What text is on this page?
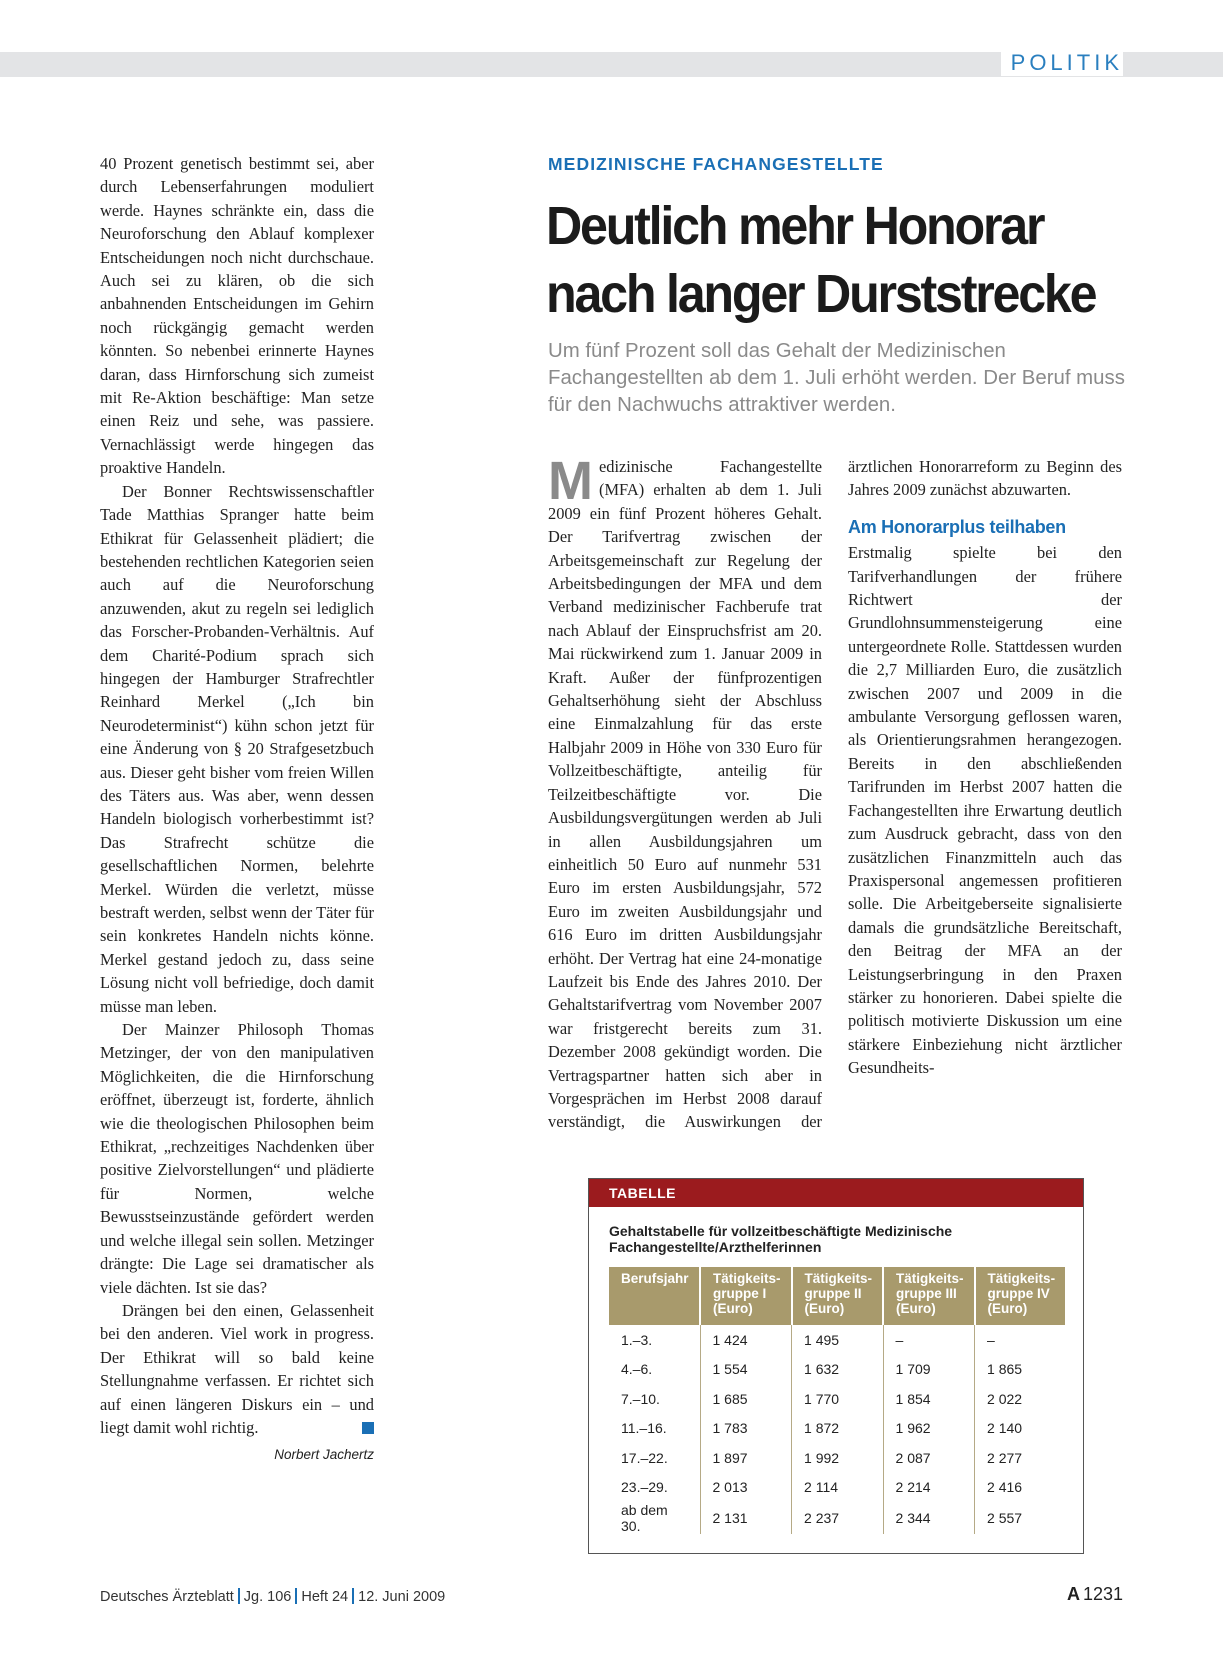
POLITIK

40 Prozent genetisch bestimmt sei, aber durch Lebenserfahrungen moduliert werde. Haynes schränkte ein, dass die Neuroforschung den Ablauf komplexer Entscheidungen noch nicht durchschaue. Auch sei zu klären, ob die sich anbahnenden Entscheidungen im Gehirn noch rückgängig gemacht werden könnten. So nebenbei erinnerte Haynes daran, dass Hirnforschung sich zumeist mit Re-Aktion beschäftige: Man setze einen Reiz und sehe, was passiere. Vernachlässigt werde hingegen das proaktive Handeln.

Der Bonner Rechtswissenschaftler Tade Matthias Spranger hatte beim Ethikrat für Gelassenheit plädiert; die bestehenden rechtlichen Kategorien seien auch auf die Neuroforschung anzuwenden, akut zu regeln sei lediglich das Forscher-Probanden-Verhältnis. Auf dem Charité-Podium sprach sich hingegen der Hamburger Strafrechtler Reinhard Merkel („Ich bin Neurodeterminist“) kühn schon jetzt für eine Änderung von § 20 Strafgesetzbuch aus. Dieser geht bisher vom freien Willen des Täters aus. Was aber, wenn dessen Handeln biologisch vorherbestimmt ist? Das Strafrecht schütze die gesellschaftlichen Normen, belehrte Merkel. Würden die verletzt, müsse bestraft werden, selbst wenn der Täter für sein konkretes Handeln nichts könne. Merkel gestand jedoch zu, dass seine Lösung nicht voll befriedige, doch damit müsse man leben.

Der Mainzer Philosoph Thomas Metzinger, der von den manipulativen Möglichkeiten, die die Hirnforschung eröffnet, überzeugt ist, forderte, ähnlich wie die theologischen Philosophen beim Ethikrat, „rechzeitiges Nachdenken über positive Zielvorstellungen“ und plädierte für Normen, welche Bewusstseinzustände gefördert werden und welche illegal sein sollen. Metzinger drängte: Die Lage sei dramatischer als viele dächten. Ist sie das?

Drängen bei den einen, Gelassenheit bei den anderen. Viel work in progress. Der Ethikrat will so bald keine Stellungnahme verfassen. Er richtet sich auf einen längeren Diskurs ein – und liegt damit wohl richtig.

Norbert Jachertz
MEDIZINISCHE FACHANGESTELLTE
Deutlich mehr Honorar
nach langer Durststrecke
Um fünf Prozent soll das Gehalt der Medizinischen Fachangestellten ab dem 1. Juli erhöht werden. Der Beruf muss für den Nachwuchs attraktiver werden.

Medizinische Fachangestellte (MFA) erhalten ab dem 1. Juli 2009 ein fünf Prozent höheres Gehalt. Der Tarifvertrag zwischen der Arbeitsgemeinschaft zur Regelung der Arbeitsbedingungen der MFA und dem Verband medizinischer Fachberufe trat nach Ablauf der Einspruchsfrist am 20. Mai rückwirkend zum 1. Januar 2009 in Kraft. Außer der fünfprozentigen Gehaltserhöhung sieht der Abschluss eine Einmalzahlung für das erste Halbjahr 2009 in Höhe von 330 Euro für Vollzeitbeschäftigte, anteilig für Teilzeitbeschäftigte vor. Die Ausbildungsvergütungen werden ab Juli in allen Ausbildungsjahren um einheitlich 50 Euro auf nunmehr 531 Euro im ersten Ausbildungsjahr, 572 Euro im zweiten Ausbildungsjahr und 616 Euro im dritten Ausbildungsjahr erhöht. Der Vertrag hat eine 24-monatige Laufzeit bis Ende des Jahres 2010. Der Gehaltstarifvertrag vom November 2007 war fristgerecht bereits zum 31. Dezember 2008 gekündigt worden. Die Vertragspartner hatten sich aber in Vorgesprächen im Herbst 2008 darauf verständigt, die Auswirkungen der ärztlichen Honorarreform zu Beginn des Jahres 2009 zunächst abzuwarten.

Am Honorarplus teilhaben

Erstmalig spielte bei den Tarifverhandlungen der frühere Richtwert der Grundlohnsummensteigerung eine untergeordnete Rolle. Stattdessen wurden die 2,7 Milliarden Euro, die zusätzlich zwischen 2007 und 2009 in die ambulante Versorgung geflossen waren, als Orientierungsrahmen herangezogen. Bereits in den abschließenden Tarifrunden im Herbst 2007 hatten die Fachangestellten ihre Erwartung deutlich zum Ausdruck gebracht, dass von den zusätzlichen Finanzmitteln auch das Praxispersonal angemessen profitieren solle. Die Arbeitgeberseite signalisierte damals die grundsätzliche Bereitschaft, den Beitrag der MFA an der Leistungserbringung in den Praxen stärker zu honorieren. Dabei spielte die politisch motivierte Diskussion um eine stärkere Einbeziehung nicht ärztlicher Gesundheits-

TABELLE
Gehaltstabelle für vollzeitbeschäftigte Medizinische Fachangestellte/Arzthelferinnen
Berufsjahr	Tätigkeits-gruppe I (Euro)	Tätigkeits-gruppe II (Euro)	Tätigkeits-gruppe III (Euro)	Tätigkeits-gruppe IV (Euro)
1.–3.	1 424	1 495	–	–
4.–6.	1 554	1 632	1 709	1 865
7.–10.	1 685	1 770	1 854	2 022
11.–16.	1 783	1 872	1 962	2 140
17.–22.	1 897	1 992	2 087	2 277
23.–29.	2 013	2 114	2 214	2 416
ab dem 30.	2 131	2 237	2 344	2 557
Deutsches Ärzteblatt Jg. 106 Heft 24 12. Juni 2009	A 1231
